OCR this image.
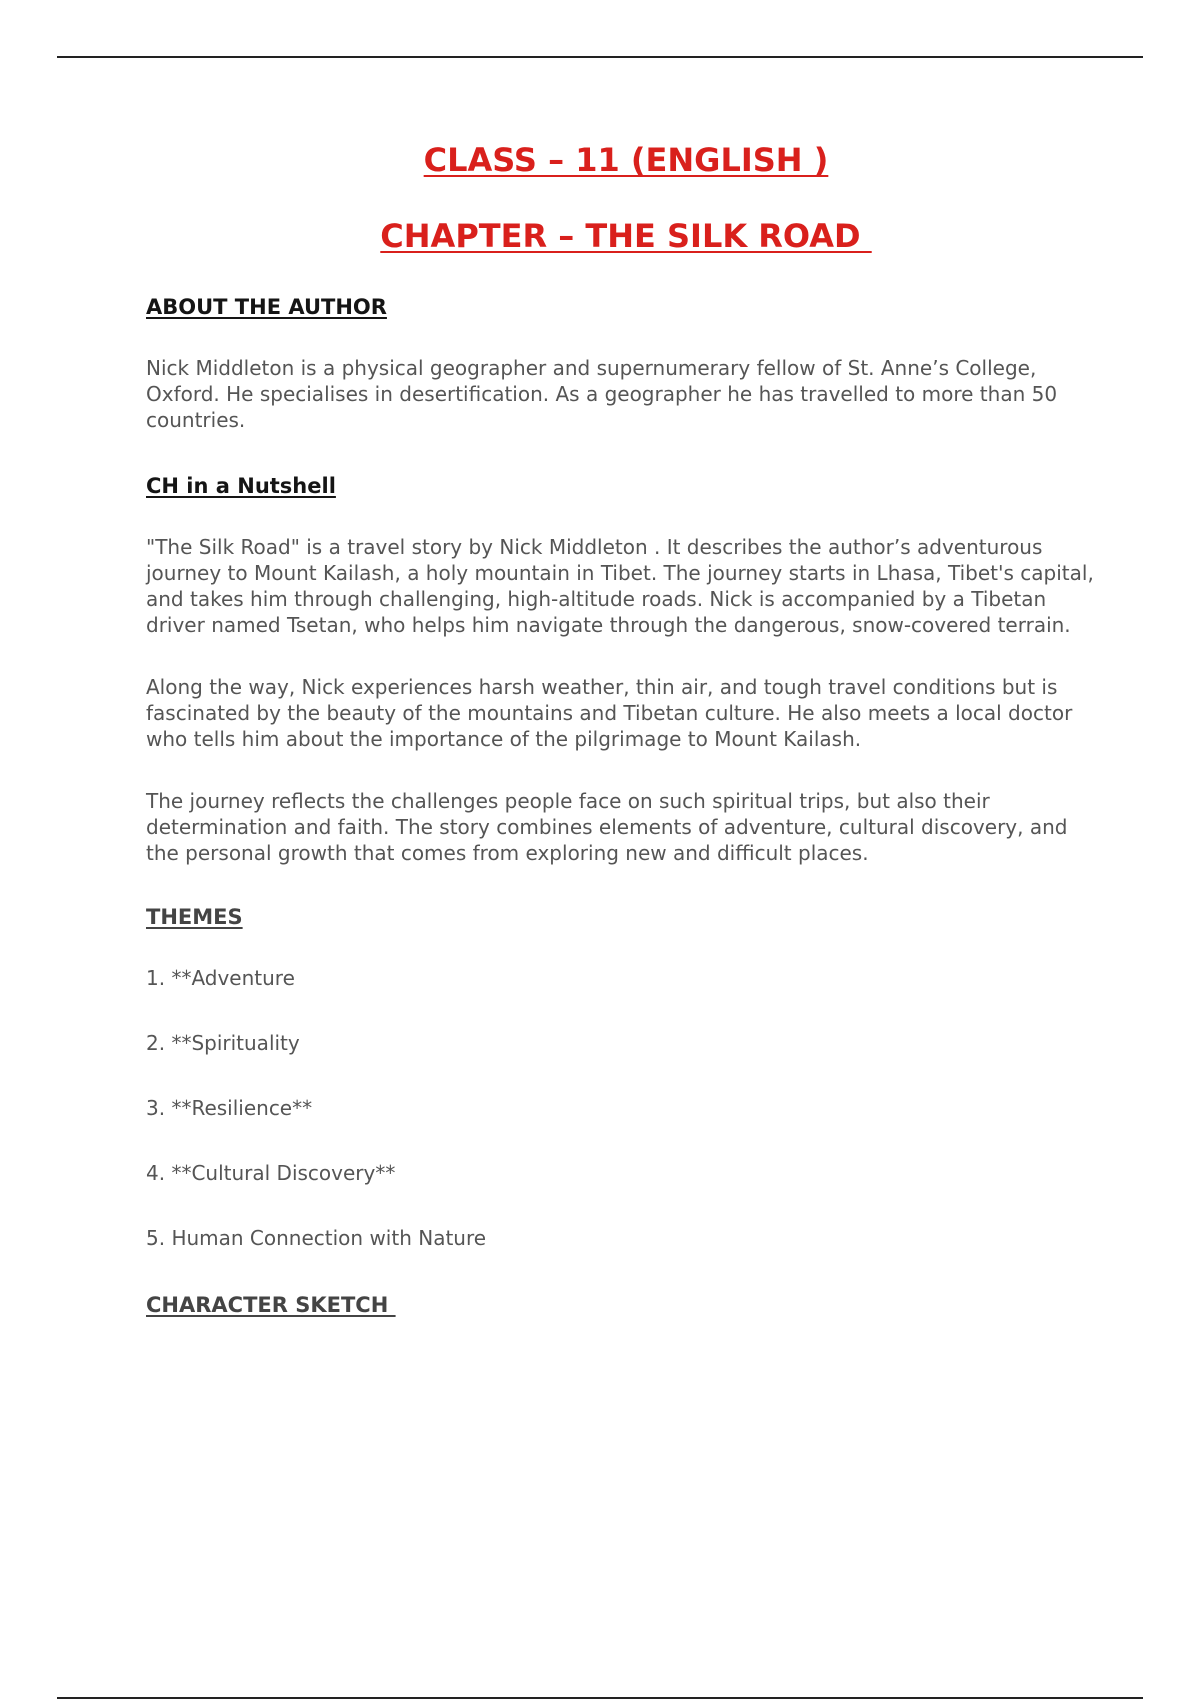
CLASS – 11 (ENGLISH )
CHAPTER – THE SILK ROAD
ABOUT THE AUTHOR

Nick Middleton is a physical geographer and supernumerary fellow of St. Anne’s College, Oxford. He specialises in desertification. As a geographer he has travelled to more than 50 countries.

CH in a Nutshell

"The Silk Road" is a travel story by Nick Middleton . It describes the author’s adventurous journey to Mount Kailash, a holy mountain in Tibet. The journey starts in Lhasa, Tibet's capital, and takes him through challenging, high-altitude roads. Nick is accompanied by a Tibetan driver named Tsetan, who helps him navigate through the dangerous, snow-covered terrain.

Along the way, Nick experiences harsh weather, thin air, and tough travel conditions but is fascinated by the beauty of the mountains and Tibetan culture. He also meets a local doctor who tells him about the importance of the pilgrimage to Mount Kailash.

The journey reflects the challenges people face on such spiritual trips, but also their determination and faith. The story combines elements of adventure, cultural discovery, and the personal growth that comes from exploring new and difficult places.

THEMES
1. **Adventure
2. **Spirituality
3. **Resilience**
4. **Cultural Discovery**
5. Human Connection with Nature
CHARACTER SKETCH
